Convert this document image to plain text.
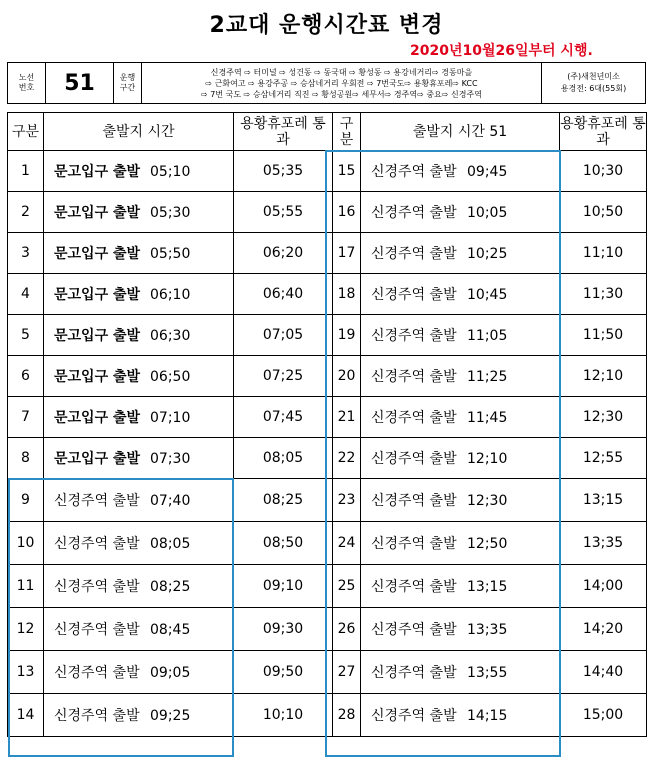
2교대 운행시간표 변경
2020년10월26일부터 시행.
노선
번호	51	운행
구간
신경주역 ⇨ 터미널 ⇨ 성건동 ⇨ 동국대 ⇨ 황성동 ⇨ 용강네거리⇨ 경동마을
⇨ 근화여고 ⇨ 용강주공 ⇨ 승삼네거리 우회전 ⇨ 7번국도⇨ 용황휴포레⇨ KCC
⇨ 7번 국도 ⇨ 승삼네거리 직진 ⇨ 황성공원⇨ 세무서⇨ 경주역⇨ 중요⇨ 신경주역
(주)새천년미소
용경전: 6대(55회)
구분	출발지 시간	용황휴포레 통과	구분	출발지 시간 51	용황휴포레 통과
1	문고입구 출발 05;10	05;35	15	신경주역 출발 09;45	10;30
2	문고입구 출발 05;30	05;55	16	신경주역 출발 10;05	10;50
3	문고입구 출발 05;50	06;20	17	신경주역 출발 10;25	11;10
4	문고입구 출발 06;10	06;40	18	신경주역 출발 10;45	11;30
5	문고입구 출발 06;30	07;05	19	신경주역 출발 11;05	11;50
6	문고입구 출발 06;50	07;25	20	신경주역 출발 11;25	12;10
7	문고입구 출발 07;10	07;45	21	신경주역 출발 11;45	12;30
8	문고입구 출발 07;30	08;05	22	신경주역 출발 12;10	12;55
9	신경주역 출발 07;40	08;25	23	신경주역 출발 12;30	13;15
10	신경주역 출발 08;05	08;50	24	신경주역 출발 12;50	13;35
11	신경주역 출발 08;25	09;10	25	신경주역 출발 13;15	14;00
12	신경주역 출발 08;45	09;30	26	신경주역 출발 13;35	14;20
13	신경주역 출발 09;05	09;50	27	신경주역 출발 13;55	14;40
14	신경주역 출발 09;25	10;10	28	신경주역 출발 14;15	15;00
